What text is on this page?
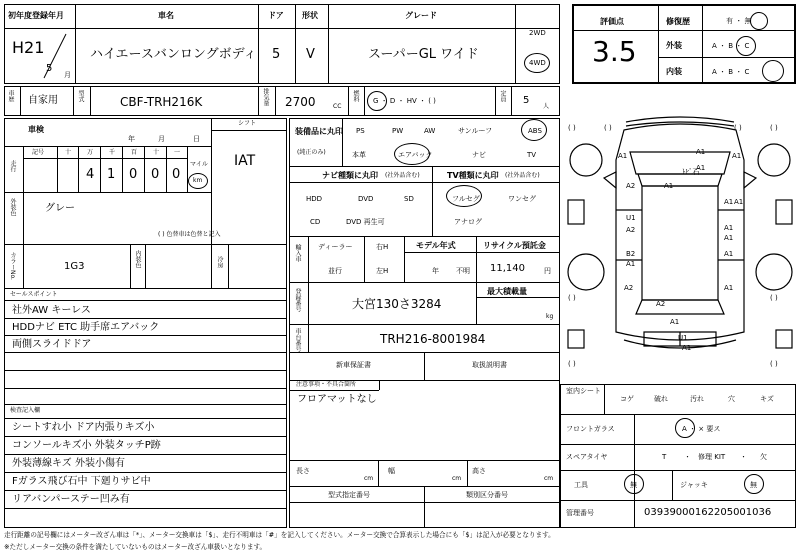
初年度登録年月
H21
5
月
車名
ハイエースバンロングボディ
ドア
5
形状
V
グレード
スーパーGL ワイド
2WD
4WD
評価点
3.5
修復歴	有 ・ 無
外装	A ・ B ・ C
内装	A ・ B ・ C
車歴 自家用	型式	CBF-TRH216K	排気量 2700	CC
燃料 G ・ D ・ HV ・ ( )	定員 5
人
車検
年	月	日
シフト
IAT
走行
記号	十	万	千	百	十 一
4 1 0 0 0
マイル
km
外装色	グレー
( ) 色替車は色替と記入
カラーNo.	1G3	内装色	冷房
セールスポイント
社外AW キーレス
HDDナビ ETC 助手席エアバック
両側スライドドア
検査記入欄
シートすれ小 ドア内張りキズ小
コンソールキズ小 外装タッチP跡
外装薄線キズ 外装小傷有
Fガラス飛び石中 下廻りサビ中
リアバンパーステー凹み有
装備品に丸印
(純正のみ)
PS	PW	AW	サンルーフ	ABS
本革	エアバック	ナビ	TV
ナビ種類に丸印 (社外品含む)	TV種類に丸印 (社外品含む)
HDD	DVD	SD
CD	DVD 再生可
フルセグ	ワンセグ
アナログ
輸入車 ディーラー
並行
右H
左H
モデル年式
年 不明
リサイクル預託金
11,140	円
登録番号	大宮130さ3284
最大積載量
kg
車台番号	TRH216-8001984
新車保証書	取扱説明書
注意事項・不具合箇所
フロアマットなし
長さ
cm
幅
cm
高さ
cm
型式指定番号	類別区分番号
A1
A1	A1
A1
ﾄﾋﾞ石
A2	A1
A1 A1
U1
A2	A1
A1
B2	A1
A1
A2	A1
A2
A1
U1
A1
( )	( )
( )	( )
( )	( )
( )	( )
室内シート
コゲ	破れ	汚れ	穴	キズ
フロントガラス	A ・ × 要ス
スペアタイヤ	T	・ 修理 KIT ・ 欠
工具	無	ジャッキ	無
管理番号	03939000162205001036
走行距離の記号欄にはメーター改ざん車は「*」、メーター交換車は「$」、走行不明車は「#」を記入してください。メーター交換で合算表示した場合にも「$」は記入が必要となります。
※ただしメーター交換の条件を満たしていないものはメーター改ざん車扱いとなります。
